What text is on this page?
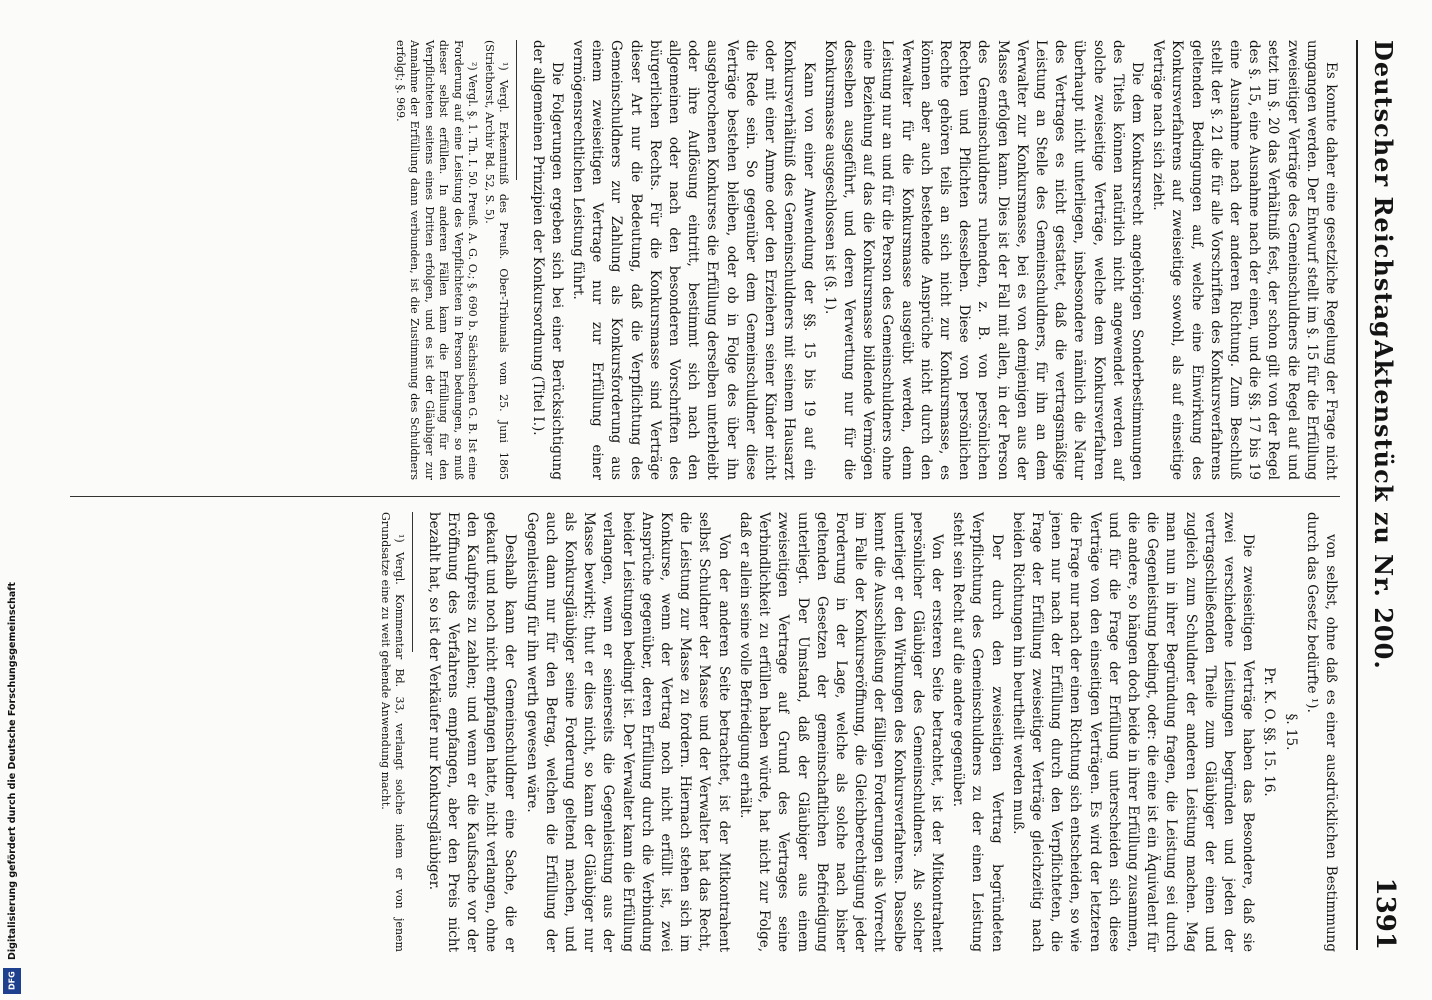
Deutscher Reichstag.
Aktenstück zu Nr. 200.
1391

Es konnte daher eine gesetzliche Regelung der Frage nicht umgangen werden. Der Entwurf stellt im §. 15 für die Erfüllung zweiseitiger Verträge des Gemeinschuldners die Regel auf und setzt im §. 20 das Verhältniß fest, der schon gilt von der Regel des §. 15, eine Ausnahme nach der einen, und die §§. 17 bis 19 eine Ausnahme nach der anderen Richtung. Zum Beschluß stellt der §. 21 die für alle Vorschriften des Konkursverfahrens geltenden Bedingungen auf, welche eine Einwirkung des Konkursverfahrens auf zweiseitige sowohl, als auf einseitige Verträge nach sich zieht.

Die dem Konkursrecht angehörigen Sonderbestimmungen des Titels können natürlich nicht angewendet werden auf solche zweiseitige Verträge, welche dem Konkursverfahren überhaupt nicht unterliegen, insbesondere nämlich die Natur des Vertrages es nicht gestattet, daß die vertragsmäßige Leistung an Stelle des Gemeinschuldners, für ihn an dem Verwalter zur Konkursmasse, bei es von demjenigen aus der Masse erfolgen kann. Dies ist der Fall mit allen, in der Person des Gemeinschuldners ruhenden, z. B. von persönlichen Rechten und Pflichten desselben. Diese von persönlichen Rechte gehören teils an sich nicht zur Konkursmasse, es können aber auch bestehende Ansprüche nicht durch den Verwalter für die Konkursmasse ausgeübt werden, denn Leistung nur an und für die Person des Gemeinschuldners ohne eine Beziehung auf das die Konkursmasse bildende Vermögen desselben ausgeführt, und deren Verwertung nur für die Konkursmasse ausgeschlossen ist (§. 1).

Kann von einer Anwendung der §§. 15 bis 19 auf ein Konkursverhältniß des Gemeinschuldners mit seinem Hausarzt oder mit einer Amme oder den Erziehern seiner Kinder nicht die Rede sein. So gegenüber dem Gemeinschuldner diese Verträge bestehen bleiben, oder ob in Folge des über ihn ausgebrochenen Konkurses die Erfüllung derselben unterbleibt oder ihre Auflösung eintritt, bestimmt sich nach den allgemeinen oder nach den besonderen Vorschriften des bürgerlichen Rechts. Für die Konkursmasse sind Verträge dieser Art nur die Bedeutung, daß die Verpflichtung des Gemeinschuldners zur Zahlung als Konkursforderung aus einem zweiseitigen Vertrage nur zur Erfüllung einer vermögensrechtlichen Leistung führt.

Die Folgerungen ergeben sich bei einer Berücksichtigung der allgemeinen Prinzipien der Konkursordnung (Titel I.).

¹) Vergl. Erkenntniß des Preuß. Ober-Tribunals vom 25. Juni 1865 (Striethorst, Archiv Bd. 52, S. 5).

²) Vergl. §. 1. Th. I. 50. Preuß. A. G. O.; §. 690 b. Sächsischen G. B. Ist eine Forderung auf eine Leistung des Verpflichteten in Person bedungen, so muß dieser selbst erfüllen. In anderen Fällen kann die Erfüllung für den Verpflichteten seitens eines Dritten erfolgen, und es ist der Gläubiger zur Annahme der Erfüllung dann verbunden, ist die Zustimmung des Schuldners erfolgt; §. 969.

von selbst, ohne daß es einer ausdrücklichen Bestimmung durch das Gesetz bedürfte ¹).

§. 15.

Pr. K. O. §§. 15. 16.

Die zweiseitigen Verträge haben das Besondere, daß sie zwei verschiedene Leistungen begründen und jeden der vertragschließenden Theile zum Gläubiger der einen und zugleich zum Schuldner der anderen Leistung machen. Mag man nun in ihrer Begründung fragen, die Leistung sei durch die Gegenleistung bedingt, oder: die eine ist ein Äquivalent für die andere, so hängen doch beide in ihrer Erfüllung zusammen, und für die Frage der Erfüllung unterscheiden sich diese Verträge von den einseitigen Verträgen. Es wird der letzteren die Frage nur nach der einen Richtung sich entscheiden, so wie jenen nur nach der Erfüllung durch den Verpflichteten, die Frage der Erfüllung zweiseitiger Verträge gleichzeitig nach beiden Richtungen hin beurtheilt werden muß.

Der durch den zweiseitigen Vertrag begründeten Verpflichtung des Gemeinschuldners zu der einen Leistung steht sein Recht auf die andere gegenüber.

Von der ersteren Seite betrachtet, ist der Mitkontrahent persönlicher Gläubiger des Gemeinschuldners. Als solcher unterliegt er den Wirkungen des Konkursverfahrens. Dasselbe kennt die Ausschließung der fälligen Forderungen als Vorrecht im Falle der Konkurseröffnung, die Gleichberechtigung jeder Forderung in der Lage, welche als solche nach bisher geltenden Gesetzen der gemeinschaftlichen Befriedigung unterliegt. Der Umstand, daß der Gläubiger aus einem zweiseitigen Vertrage auf Grund des Vertrages seine Verbindlichkeit zu erfüllen haben würde, hat nicht zur Folge, daß er allein seine volle Befriedigung erhält.

Von der anderen Seite betrachtet, ist der Mitkontrahent selbst Schuldner der Masse und der Verwalter hat das Recht, die Leistung zur Masse zu fordern. Hiernach stehen sich im Konkurse, wenn der Vertrag noch nicht erfüllt ist, zwei Ansprüche gegenüber, deren Erfüllung durch die Verbindung beider Leistungen bedingt ist. Der Verwalter kann die Erfüllung verlangen, wenn er seinerseits die Gegenleistung aus der Masse bewirkt; thut er dies nicht, so kann der Gläubiger nur als Konkursgläubiger seine Forderung geltend machen, und auch dann nur für den Betrag, welchen die Erfüllung der Gegenleistung für ihn werth gewesen wäre.

Deshalb kann der Gemeinschuldner eine Sache, die er gekauft und noch nicht empfangen hatte, nicht verlangen, ohne den Kaufpreis zu zahlen; und wenn er die Kaufsache vor der Eröffnung des Verfahrens empfangen, aber den Preis nicht bezahlt hat, so ist der Verkäufer nur Konkursgläubiger.

¹) Vergl. Kommentar Bd. 33, verlangt solche indem er von jenem Grundsatze eine zu weit gehende Anwendung macht.

Digitalisierung gefördert durch die Deutsche Forschungsgemeinschaft
DFG
